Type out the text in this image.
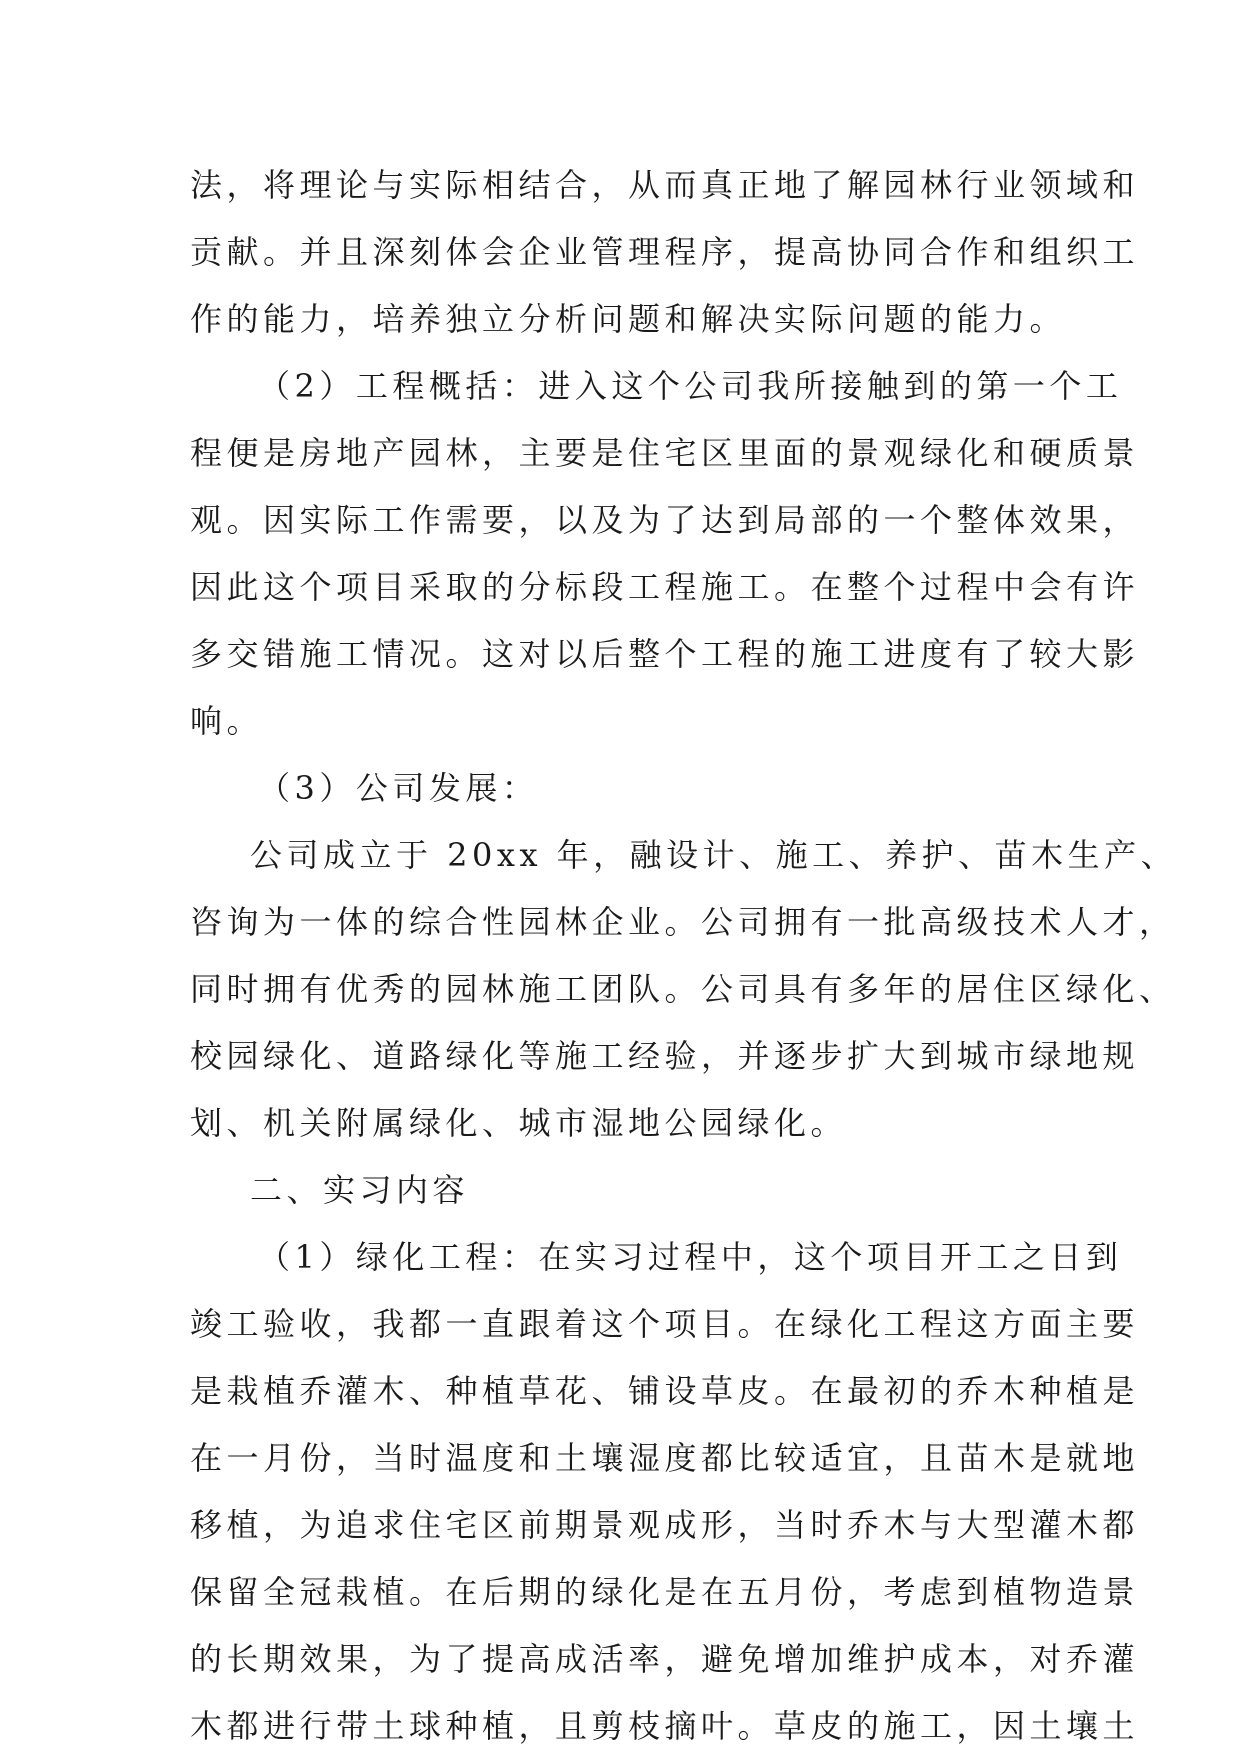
法，将理论与实际相结合，从而真正地了解园林行业领域和
贡献。并且深刻体会企业管理程序，提高协同合作和组织工
作的能力，培养独立分析问题和解决实际问题的能力。
（2）工程概括：进入这个公司我所接触到的第一个工
程便是房地产园林，主要是住宅区里面的景观绿化和硬质景
观。因实际工作需要，以及为了达到局部的一个整体效果，
因此这个项目采取的分标段工程施工。在整个过程中会有许
多交错施工情况。这对以后整个工程的施工进度有了较大影
响。
（3）公司发展：
公司成立于 20xx 年，融设计、施工、养护、苗木生产、
咨询为一体的综合性园林企业。公司拥有一批高级技术人才，
同时拥有优秀的园林施工团队。公司具有多年的居住区绿化、
校园绿化、道路绿化等施工经验，并逐步扩大到城市绿地规
划、机关附属绿化、城市湿地公园绿化。
二、实习内容
（1）绿化工程：在实习过程中，这个项目开工之日到
竣工验收，我都一直跟着这个项目。在绿化工程这方面主要
是栽植乔灌木、种植草花、铺设草皮。在最初的乔木种植是
在一月份，当时温度和土壤湿度都比较适宜，且苗木是就地
移植，为追求住宅区前期景观成形，当时乔木与大型灌木都
保留全冠栽植。在后期的绿化是在五月份，考虑到植物造景
的长期效果，为了提高成活率，避免增加维护成本，对乔灌
木都进行带土球种植，且剪枝摘叶。草皮的施工，因土壤土
